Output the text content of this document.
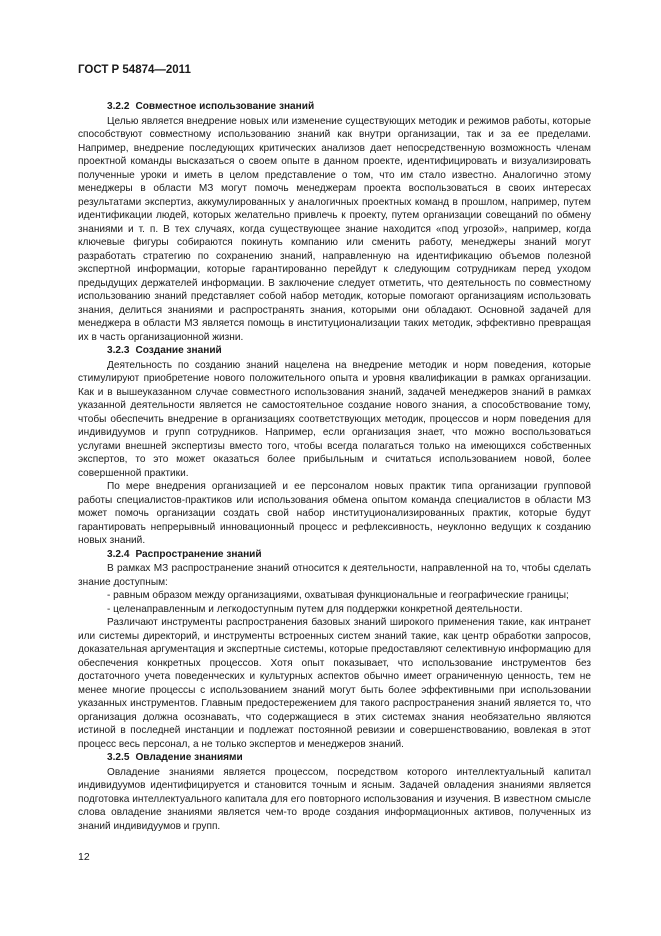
ГОСТ Р 54874—2011
3.2.2 Совместное использование знаний

Целью является внедрение новых или изменение существующих методик и режимов работы, которые способствуют совместному использованию знаний как внутри организации, так и за ее пределами. Например, внедрение последующих критических анализов дает непосредственную возможность членам проектной команды высказаться о своем опыте в данном проекте, идентифицировать и визуализировать полученные уроки и иметь в целом представление о том, что им стало известно. Аналогично этому менеджеры в области МЗ могут помочь менеджерам проекта воспользоваться в своих интересах результатами экспертиз, аккумулированных у аналогичных проектных команд в прошлом, например, путем идентификации людей, которых желательно привлечь к проекту, путем организации совещаний по обмену знаниями и т. п. В тех случаях, когда существующее знание находится «под угрозой», например, когда ключевые фигуры собираются покинуть компанию или сменить работу, менеджеры знаний могут разработать стратегию по сохранению знаний, направленную на идентификацию объемов полезной экспертной информации, которые гарантированно перейдут к следующим сотрудникам перед уходом предыдущих держателей информации. В заключение следует отметить, что деятельность по совместному использованию знаний представляет собой набор методик, которые помогают организациям использовать знания, делиться знаниями и распространять знания, которыми они обладают. Основной задачей для менеджера в области МЗ является помощь в институционализации таких методик, эффективно превращая их в часть организационной жизни.

3.2.3 Создание знаний

Деятельность по созданию знаний нацелена на внедрение методик и норм поведения, которые стимулируют приобретение нового положительного опыта и уровня квалификации в рамках организации. Как и в вышеуказанном случае совместного использования знаний, задачей менеджеров знаний в рамках указанной деятельности является не самостоятельное создание нового знания, а способствование тому, чтобы обеспечить внедрение в организациях соответствующих методик, процессов и норм поведения для индивидуумов и групп сотрудников. Например, если организация знает, что можно воспользоваться услугами внешней экспертизы вместо того, чтобы всегда полагаться только на имеющихся собственных экспертов, то это может оказаться более прибыльным и считаться использованием новой, более совершенной практики.

По мере внедрения организацией и ее персоналом новых практик типа организации групповой работы специалистов-практиков или использования обмена опытом команда специалистов в области МЗ может помочь организации создать свой набор институционализированных практик, которые будут гарантировать непрерывный инновационный процесс и рефлексивность, неуклонно ведущих к созданию новых знаний.

3.2.4 Распространение знаний

В рамках МЗ распространение знаний относится к деятельности, направленной на то, чтобы сделать знание доступным:

- равным образом между организациями, охватывая функциональные и географические границы;
- целенаправленным и легкодоступным путем для поддержки конкретной деятельности.

Различают инструменты распространения базовых знаний широкого применения такие, как интранет или системы директорий, и инструменты встроенных систем знаний такие, как центр обработки запросов, доказательная аргументация и экспертные системы, которые предоставляют селективную информацию для обеспечения конкретных процессов. Хотя опыт показывает, что использование инструментов без достаточного учета поведенческих и культурных аспектов обычно имеет ограниченную ценность, тем не менее многие процессы с использованием знаний могут быть более эффективными при использовании указанных инструментов. Главным предостережением для такого распространения знаний является то, что организация должна осознавать, что содержащиеся в этих системах знания необязательно являются истиной в последней инстанции и подлежат постоянной ревизии и совершенствованию, вовлекая в этот процесс весь персонал, а не только экспертов и менеджеров знаний.

3.2.5 Овладение знаниями

Овладение знаниями является процессом, посредством которого интеллектуальный капитал индивидуумов идентифицируется и становится точным и ясным. Задачей овладения знаниями является подготовка интеллектуального капитала для его повторного использования и изучения. В известном смысле слова овладение знаниями является чем-то вроде создания информационных активов, полученных из знаний индивидуумов и групп.

12
